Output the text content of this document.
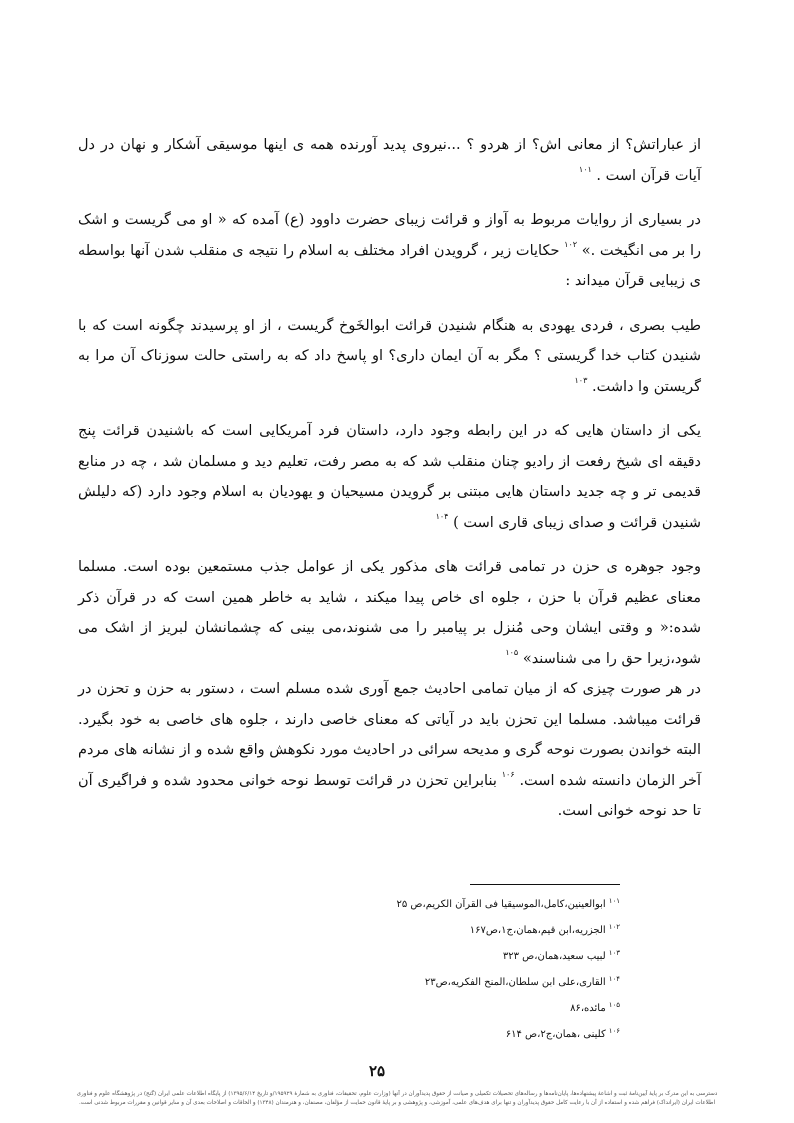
از عباراتش؟ از معانی اش؟ از هردو ؟ ...نیروی پدید آورنده همه ی اینها موسیقی آشکار و نهان در دل آیات قرآن است . $^{۱۰۱}$
در بسیاری از روایات مربوط به آواز و قرائت زیبای حضرت داوود (ع) آمده که « او می گریست و اشک را بر می انگیخت .» $^{۱۰۲}$ حکایات زیر ، گرویدن افراد مختلف به اسلام را نتیجه ی منقلب شدن آنها بواسطه ی زیبایی قرآن میداند :
طیب بصری ، فردی یهودی به هنگام شنیدن قرائت ابوالخَوخ گریست ، از او پرسیدند چگونه است که با شنیدن کتاب خدا گریستی ؟ مگر به آن ایمان داری؟ او پاسخ داد که به راستی حالت سوزناک آن مرا به گریستن وا داشت. $^{۱۰۳}$
یکی از داستان هایی که در این رابطه وجود دارد، داستان فرد آمریکایی است که باشنیدن قرائت پنج دقیقه ای شیخ رفعت از رادیو چنان منقلب شد که به مصر رفت، تعلیم دید و مسلمان شد ، چه در منابع قدیمی تر و چه جدید داستان هایی مبتنی بر گرویدن مسیحیان و یهودیان به اسلام وجود دارد (که دلیلش شنیدن قرائت و صدای زیبای قاری است ) $^{۱۰۴}$
وجود جوهره ی حزن در تمامی قرائت های مذکور یکی از عوامل جذب مستمعین بوده است. مسلما معنای عظیم قرآن با حزن ، جلوه ای خاص پیدا میکند ، شاید به خاطر همین است که در قرآن ذکر شده:« و وقتی ایشان وحی مُنزل بر پیامبر را می شنوند،می بینی که چشمانشان لبریز از اشک می شود،زیرا حق را می شناسند» $^{۱۰۵}$
در هر صورت چیزی که از میان تمامی احادیث جمع آوری شده مسلم است ، دستور به حزن و تحزن در قرائت میباشد. مسلما این تحزن باید در آیاتی که معنای خاصی دارند ، جلوه های خاصی به خود بگیرد. البته خواندن بصورت نوحه گری و مدیحه سرائی در احادیث مورد نکوهش واقع شده و از نشانه های مردم آخر الزمان دانسته شده است. $^{۱۰۶}$ بنابراین تحزن در قرائت توسط نوحه خوانی محدود شده و فراگیری آن تا حد نوحه خوانی است.
$^{۱۰۱}$ابوالعینین،کامل،الموسیقیا فی القرآن الکریم،ص ۲۵
$^{۱۰۲}$الجزریه،ابن قیم،همان،ج۱،ص۱۶۷
$^{۱۰۳}$لبیب سعید،همان،ص ۳۲۳
$^{۱۰۴}$القاری،علی ابن سلطان،المنح الفکریه،ص۲۳
$^{۱۰۵}$مائده،۸۶
$^{۱۰۶}$کلینی ،همان،ج۲،ص ۶۱۴
۲۵
دسترسی به این مدرک بر پایهٔ آیین‌نامهٔ ثبت و اشاعهٔ پیشنهاده‌ها، پایان‌نامه‌ها و رساله‌های تحصیلات تکمیلی و صیانت از حقوق پدیدآوران در آنها (وزارت علوم، تحقیقات، فناوری به شمارهٔ ۱۹۵۹۲۹/و تاریخ ۱۳۹۵/۶/۱۴) از پایگاه اطلاعات علمی ایران (گنج) در پژوهشگاه علوم و فناوری
اطلاعات ایران (ایرانداک) فراهم شده و استفاده از آن با رعایت کامل حقوق پدیدآوران و تنها برای هدف‌های علمی، آموزشی، و پژوهشی و بر پایهٔ قانون حمایت از مؤلفان، مصنفان، و هنرمندان (۱۳۴۸) و الحاقات و اصلاحات بعدی آن و سایر قوانین و مقررات مربوط شدنی است.
